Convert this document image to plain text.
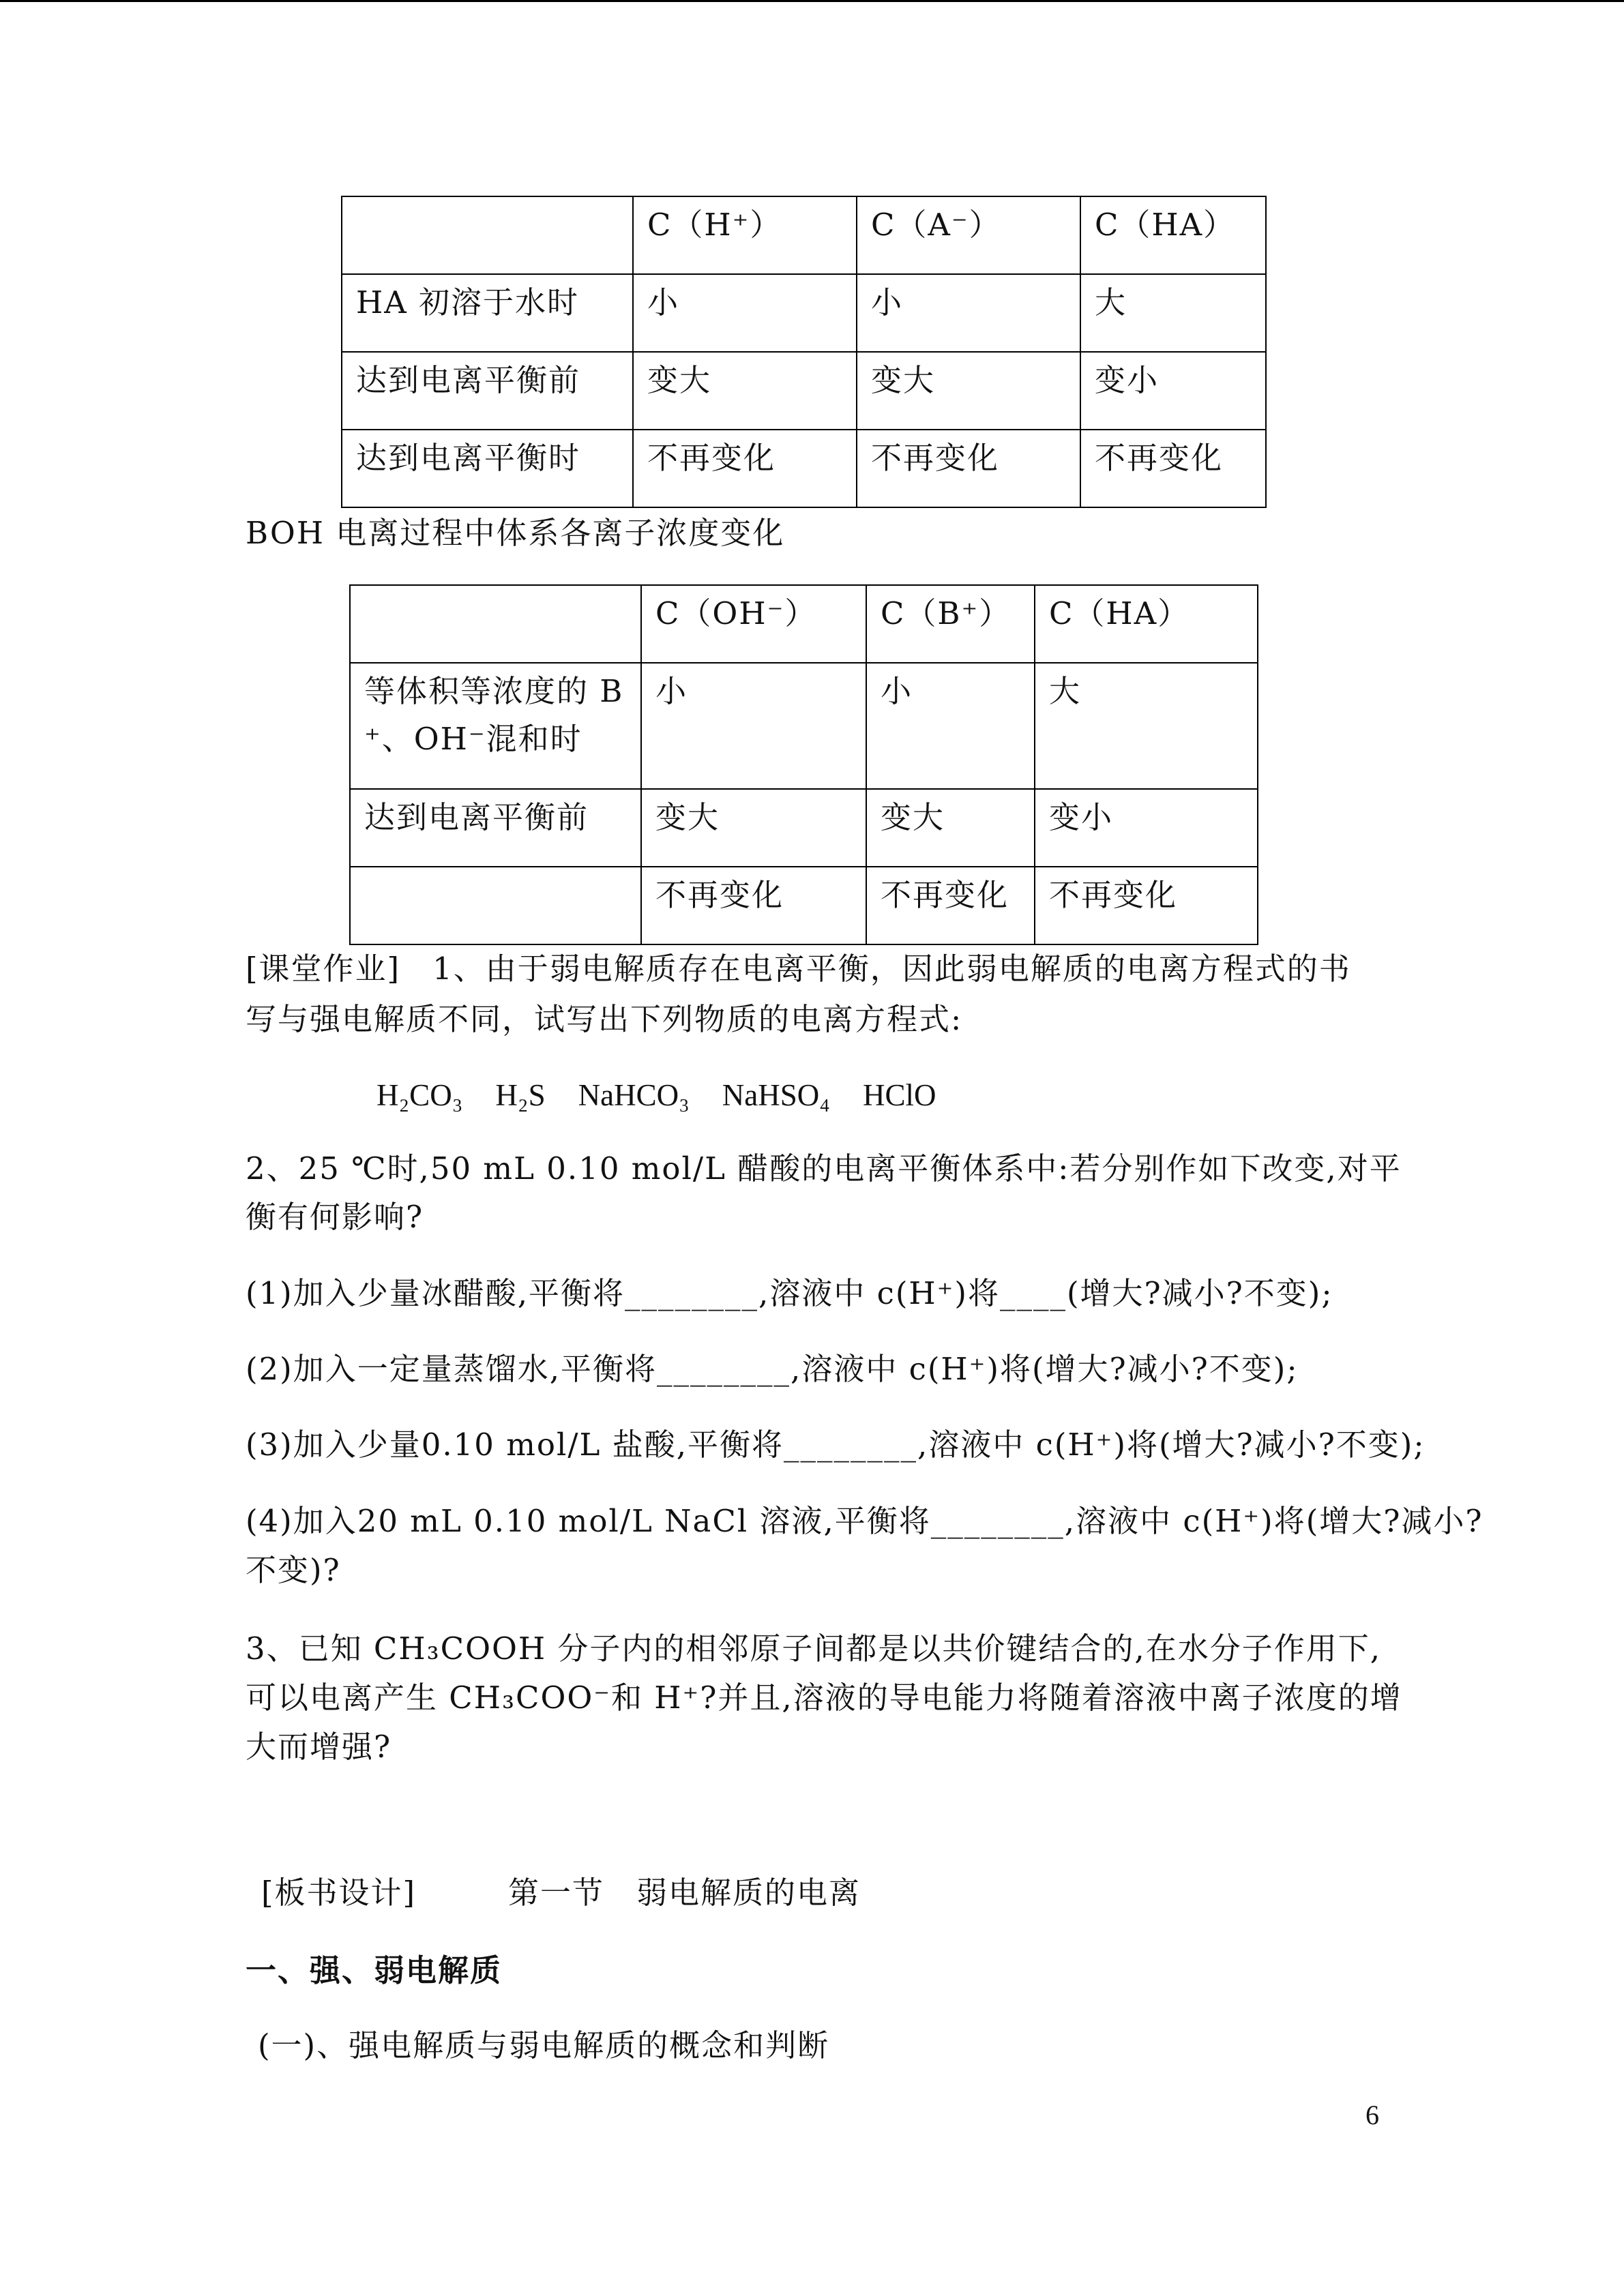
	C（H⁺）	C（A⁻）	C（HA）
HA 初溶于水时	小	小	大
达到电离平衡前	变大	变大	变小
达到电离平衡时	不再变化	不再变化	不再变化
BOH 电离过程中体系各离子浓度变化
	C（OH⁻）	C（B⁺）	C（HA）
等体积等浓度的 B⁺、OH⁻混和时	小	小	大
达到电离平衡前	变大	变大	变小
	不再变化	不再变化	不再变化
[课堂作业]　1、由于弱电解质存在电离平衡，因此弱电解质的电离方程式的书
写与强电解质不同，试写出下列物质的电离方程式:
H₂CO₃ H₂S NaHCO₃ NaHSO₄ HClO
2、25 ℃时,50 mL 0.10 mol/L 醋酸的电离平衡体系中:若分别作如下改变,对平
衡有何影响?
(1)加入少量冰醋酸,平衡将________,溶液中 c(H⁺)将____(增大?减小?不变);
(2)加入一定量蒸馏水,平衡将________,溶液中 c(H⁺)将(增大?减小?不变);
(3)加入少量0.10 mol/L 盐酸,平衡将________,溶液中 c(H⁺)将(增大?减小?不变);
(4)加入20 mL 0.10 mol/L NaCl 溶液,平衡将________,溶液中 c(H⁺)将(增大?减小?
不变)?
3、已知 CH₃COOH 分子内的相邻原子间都是以共价键结合的,在水分子作用下,
可以电离产生 CH₃COO⁻和 H⁺?并且,溶液的导电能力将随着溶液中离子浓度的增
大而增强?
[板书设计]	第一节　弱电解质的电离
一、强、弱电解质
(一)、强电解质与弱电解质的概念和判断
6
